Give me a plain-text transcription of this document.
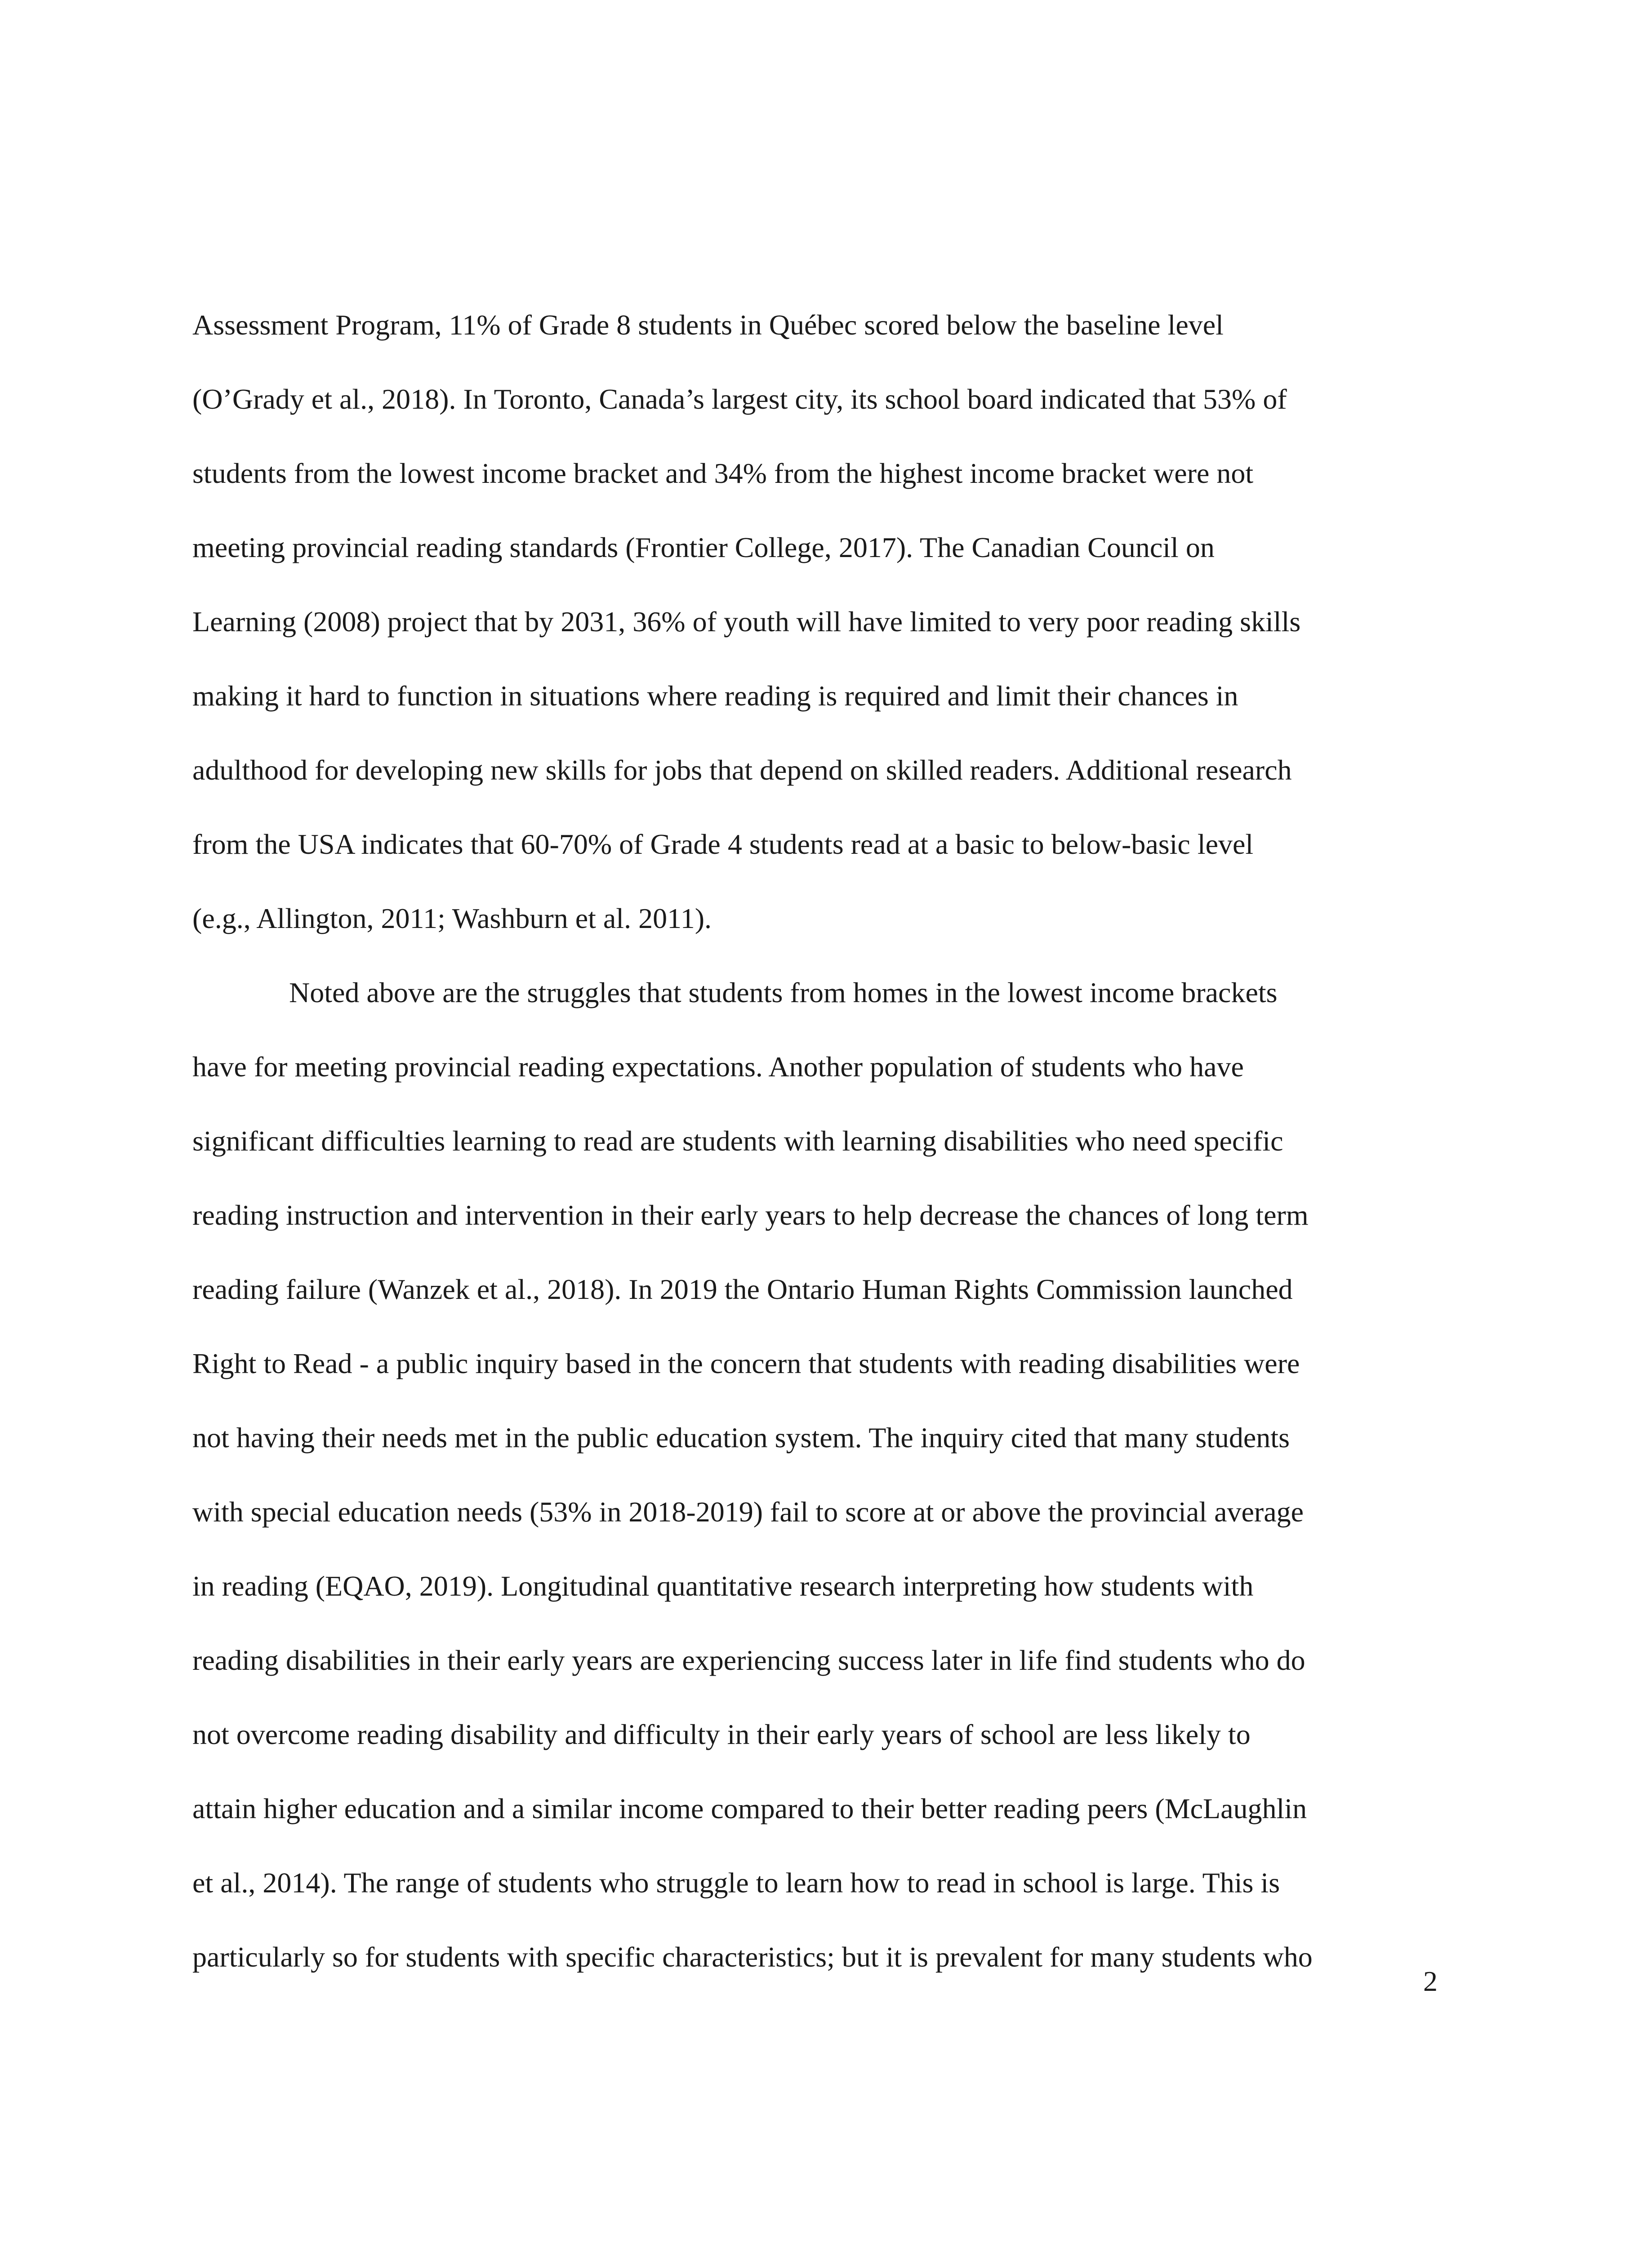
Assessment Program, 11% of Grade 8 students in Québec scored below the baseline level
(O’Grady et al., 2018). In Toronto, Canada’s largest city, its school board indicated that 53% of
students from the lowest income bracket and 34% from the highest income bracket were not
meeting provincial reading standards (Frontier College, 2017). The Canadian Council on
Learning (2008) project that by 2031, 36% of youth will have limited to very poor reading skills
making it hard to function in situations where reading is required and limit their chances in
adulthood for developing new skills for jobs that depend on skilled readers. Additional research
from the USA indicates that 60-70% of Grade 4 students read at a basic to below-basic level
(e.g., Allington, 2011; Washburn et al. 2011).
Noted above are the struggles that students from homes in the lowest income brackets
have for meeting provincial reading expectations. Another population of students who have
significant difficulties learning to read are students with learning disabilities who need specific
reading instruction and intervention in their early years to help decrease the chances of long term
reading failure (Wanzek et al., 2018). In 2019 the Ontario Human Rights Commission launched
Right to Read - a public inquiry based in the concern that students with reading disabilities were
not having their needs met in the public education system. The inquiry cited that many students
with special education needs (53% in 2018-2019) fail to score at or above the provincial average
in reading (EQAO, 2019). Longitudinal quantitative research interpreting how students with
reading disabilities in their early years are experiencing success later in life find students who do
not overcome reading disability and difficulty in their early years of school are less likely to
attain higher education and a similar income compared to their better reading peers (McLaughlin
et al., 2014). The range of students who struggle to learn how to read in school is large. This is
particularly so for students with specific characteristics; but it is prevalent for many students who
2
